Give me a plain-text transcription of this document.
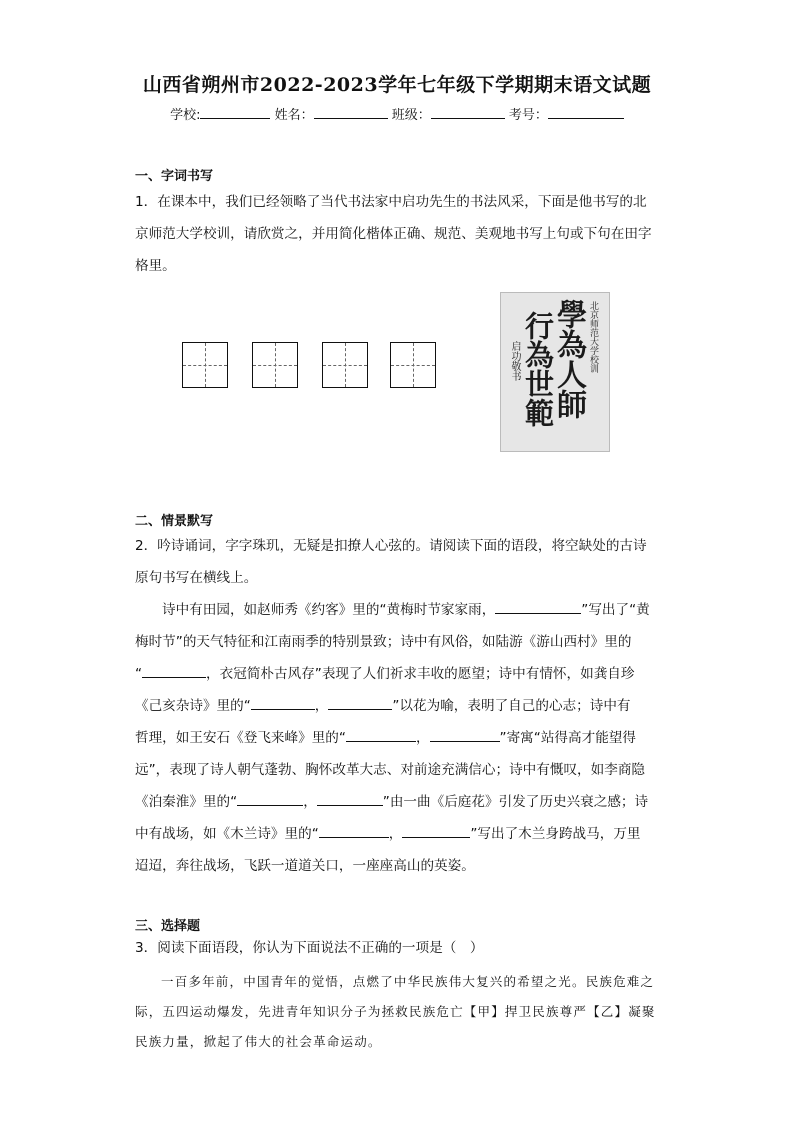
山西省朔州市2022-2023学年七年级下学期期末语文试题
学校:	姓名：	班级：	考号：
一、字词书写

1．在课本中，我们已经领略了当代书法家中启功先生的书法风采，下面是他书写的北

京师范大学校训，请欣赏之，并用简化楷体正确、规范、美观地书写上句或下句在田字

格里。

北京师范大学校训
學為人師
行為世範
启功敬书
二、情景默写

2．吟诗诵词，字字珠玑，无疑是扣撩人心弦的。请阅读下面的语段，将空缺处的古诗

原句书写在横线上。

诗中有田园，如赵师秀《约客》里的“黄梅时节家家雨，	”写出了“黄

梅时节”的天气特征和江南雨季的特别景致；诗中有风俗，如陆游《游山西村》里的

“	，衣冠简朴古风存”表现了人们祈求丰收的愿望；诗中有情怀，如龚自珍

《己亥杂诗》里的“	，	”以花为喻，表明了自己的心志；诗中有

哲理，如王安石《登飞来峰》里的“	，	”寄寓“站得高才能望得

远”，表现了诗人朝气蓬勃、胸怀改革大志、对前途充满信心；诗中有慨叹，如李商隐

《泊秦淮》里的“	，	”由一曲《后庭花》引发了历史兴衰之感；诗

中有战场，如《木兰诗》里的“	，	”写出了木兰身跨战马，万里

迢迢，奔往战场，飞跃一道道关口，一座座高山的英姿。

三、选择题
3．阅读下面语段，你认为下面说法不正确的一项是（　）

一百多年前，中国青年的觉悟，点燃了中华民族伟大复兴的希望之光。民族危难之

际，五四运动爆发，先进青年知识分子为拯救民族危亡【甲】捍卫民族尊严【乙】凝聚

民族力量，掀起了伟大的社会革命运动。
